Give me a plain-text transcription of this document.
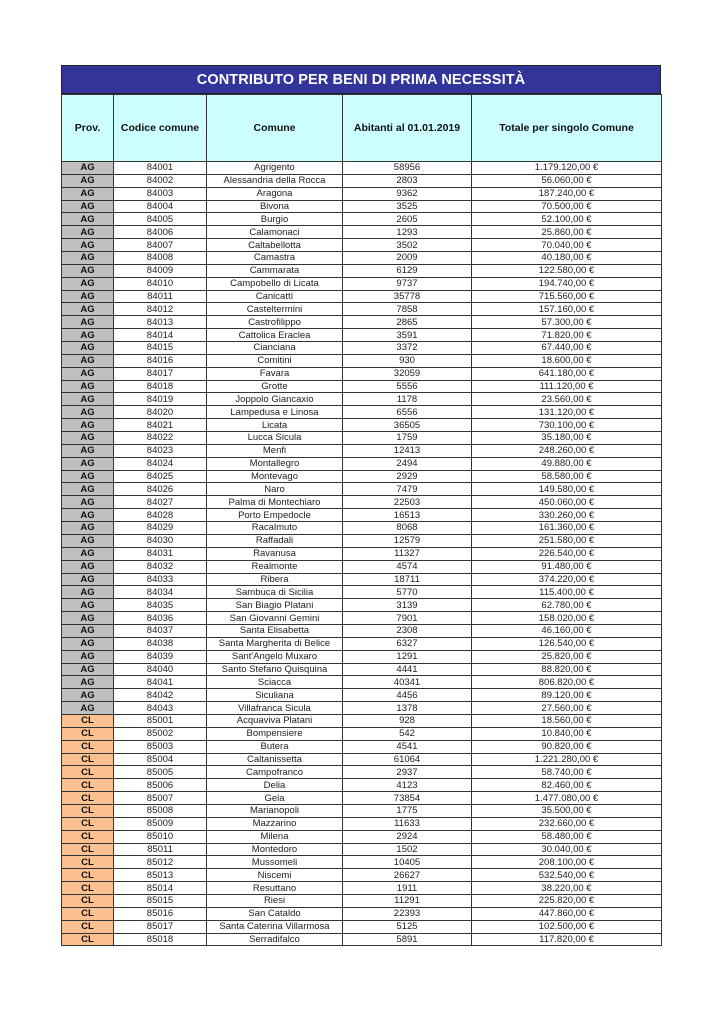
CONTRIBUTO PER BENI DI PRIMA NECESSITÀ
Prov.	Codice comune	Comune	Abitanti al 01.01.2019	Totale per singolo Comune
AG	84001	Agrigento	58956	1.179.120,00 €
AG	84002	Alessandria della Rocca	2803	56.060,00 €
AG	84003	Aragona	9362	187.240,00 €
AG	84004	Bivona	3525	70.500,00 €
AG	84005	Burgio	2605	52.100,00 €
AG	84006	Calamonaci	1293	25.860,00 €
AG	84007	Caltabellotta	3502	70.040,00 €
AG	84008	Camastra	2009	40.180,00 €
AG	84009	Cammarata	6129	122.580,00 €
AG	84010	Campobello di Licata	9737	194.740,00 €
AG	84011	Canicattì	35778	715.560,00 €
AG	84012	Casteltermini	7858	157.160,00 €
AG	84013	Castrofilippo	2865	57.300,00 €
AG	84014	Cattolica Eraclea	3591	71.820,00 €
AG	84015	Cianciana	3372	67.440,00 €
AG	84016	Comitini	930	18.600,00 €
AG	84017	Favara	32059	641.180,00 €
AG	84018	Grotte	5556	111.120,00 €
AG	84019	Joppolo Giancaxio	1178	23.560,00 €
AG	84020	Lampedusa e Linosa	6556	131.120,00 €
AG	84021	Licata	36505	730.100,00 €
AG	84022	Lucca Sicula	1759	35.180,00 €
AG	84023	Menfi	12413	248.260,00 €
AG	84024	Montallegro	2494	49.880,00 €
AG	84025	Montevago	2929	58.580,00 €
AG	84026	Naro	7479	149.580,00 €
AG	84027	Palma di Montechiaro	22503	450.060,00 €
AG	84028	Porto Empedocle	16513	330.260,00 €
AG	84029	Racalmuto	8068	161.360,00 €
AG	84030	Raffadali	12579	251.580,00 €
AG	84031	Ravanusa	11327	226.540,00 €
AG	84032	Realmonte	4574	91.480,00 €
AG	84033	Ribera	18711	374.220,00 €
AG	84034	Sambuca di Sicilia	5770	115.400,00 €
AG	84035	San Biagio Platani	3139	62.780,00 €
AG	84036	San Giovanni Gemini	7901	158.020,00 €
AG	84037	Santa Elisabetta	2308	46.160,00 €
AG	84038	Santa Margherita di Belice	6327	126.540,00 €
AG	84039	Sant'Angelo Muxaro	1291	25.820,00 €
AG	84040	Santo Stefano Quisquina	4441	88.820,00 €
AG	84041	Sciacca	40341	806.820,00 €
AG	84042	Siculiana	4456	89.120,00 €
AG	84043	Villafranca Sicula	1378	27.560,00 €
CL	85001	Acquaviva Platani	928	18.560,00 €
CL	85002	Bompensiere	542	10.840,00 €
CL	85003	Butera	4541	90.820,00 €
CL	85004	Caltanissetta	61064	1.221.280,00 €
CL	85005	Campofranco	2937	58.740,00 €
CL	85006	Delia	4123	82.460,00 €
CL	85007	Gela	73854	1.477.080,00 €
CL	85008	Marianopoli	1775	35.500,00 €
CL	85009	Mazzarino	11633	232.660,00 €
CL	85010	Milena	2924	58.480,00 €
CL	85011	Montedoro	1502	30.040,00 €
CL	85012	Mussomeli	10405	208.100,00 €
CL	85013	Niscemi	26627	532.540,00 €
CL	85014	Resuttano	1911	38.220,00 €
CL	85015	Riesi	11291	225.820,00 €
CL	85016	San Cataldo	22393	447.860,00 €
CL	85017	Santa Caterina Villarmosa	5125	102.500,00 €
CL	85018	Serradifalco	5891	117.820,00 €
